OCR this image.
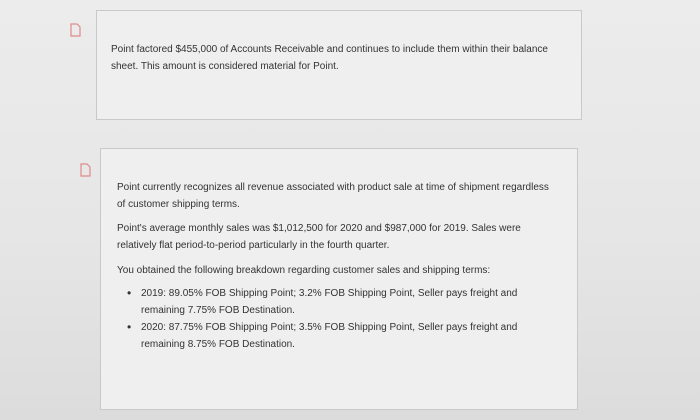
Point factored $455,000 of Accounts Receivable and continues to include them within their balance sheet. This amount is considered material for Point.

Point currently recognizes all revenue associated with product sale at time of shipment regardless of customer shipping terms.

Point's average monthly sales was $1,012,500 for 2020 and $987,000 for 2019. Sales were relatively flat period-to-period particularly in the fourth quarter.

You obtained the following breakdown regarding customer sales and shipping terms:

• 2019: 89.05% FOB Shipping Point; 3.2% FOB Shipping Point, Seller pays freight and remaining 7.75% FOB Destination.
• 2020: 87.75% FOB Shipping Point; 3.5% FOB Shipping Point, Seller pays freight and remaining 8.75% FOB Destination.
